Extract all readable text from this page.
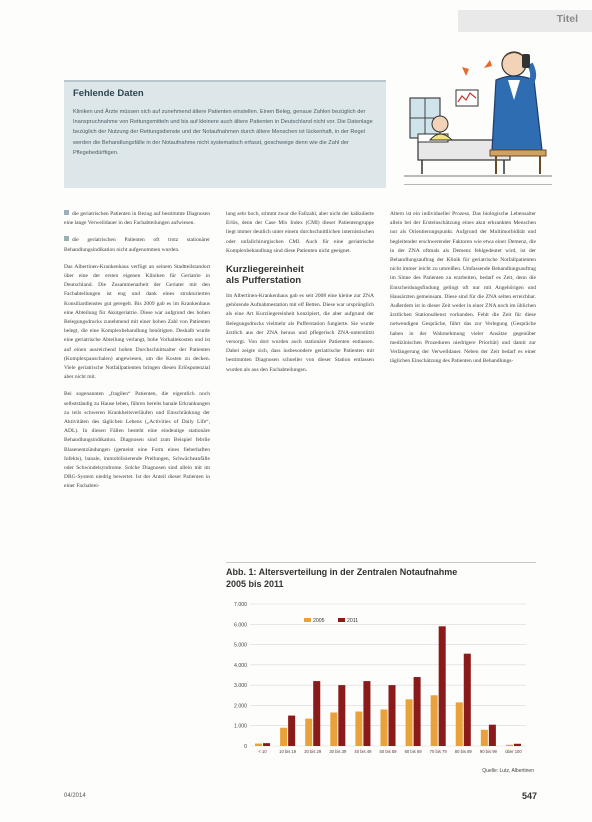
Titel

Fehlende Daten

Kliniken und Ärzte müssen sich auf zunehmend ältere Patienten einstellen. Einen Beleg, genaue Zahlen bezüglich der Inanspruchnahme von Rettungsmitteln und bis auf kleinere auch ältere Patienten in Deutschland nicht vor. Die Datenlage bezüglich der Nutzung der Rettungsdienste und der Notaufnahmen durch ältere Menschen ist lückenhaft, in der Regel werden die Behandlungsfälle in der Notaufnahme nicht systematisch erfasst, geschweige denn wie die Zahl der Pflegebedürftigen.

die geriatrischen Patienten in Bezug auf bestimmte Diagnosen eine lange Verweildauer in den Fachabteilungen aufwiesen.

die geriatrischen Patienten oft trotz stationärer Behandlungsindikation nicht aufgenommen wurden.

Das Albertinen-Krankenhaus verfügt an seinem Stadtteilstandort über eine der ersten eigenen Kliniken für Geriatrie in Deutschland. Die Zusammenarbeit der Geriater mit den Fachabteilungen ist eng und dank eines strukturierten Konsiliardienstes gut geregelt. Bis 2009 gab es im Krankenhaus eine Abteilung für Akutgeriatrie. Diese war aufgrund des hohen Belegungsdrucks zunehmend mit einer hohen Zahl von Patienten belegt, die eine Komplexbehandlung benötigten. Deshalb wurde eine geriatrische Abteilung verlangt, hohe Vorhaltekosten und ist auf einen ausreichend hohen Durchschnittsalter der Patienten (Komplexpauschalen) angewiesen, um die Kosten zu decken. Viele geriatrische Notfallpatienten bringen diesen Erlöspotenzial aber nicht mit.

Bei sogenannten „fragilen“ Patienten, die eigentlich noch selbstständig zu Hause leben, führen bereits banale Erkrankungen zu teils schweren Krankheitsverläufen und Einschränkung der Aktivitäten des täglichen Lebens („Activities of Daily Life“, ADL). In diesen Fällen besteht eine eindeutige stationäre Behandlungsindikation. Diagnosen sind zum Beispiel febrile Blasenentzündungen (gemeint eine Form eines fieberhaften Infekts), banale, immobilisierende Prellungen, Schwächeanfälle oder Schwindelsyndrome. Solche Diagnosen sind allein mit im DRG-System niedrig bewertet. Ist der Anteil dieser Patienten in einer Fachabtei-

lung sehr hoch, stimmt zwar die Fallzahl, aber nicht der kalkulierte Erlös, denn der Case Mix Index (CMI) dieser Patientengruppe liegt immer deutlich unter einem durchschnittlichen internistischen oder unfallchirurgischen CMI. Auch für eine geriatrische Komplexbehandlung sind diese Patienten nicht geeignet.

Kurzliegereinheit
als Pufferstation

Im Albertinen-Krankenhaus gab es seit 2008 eine kleine zur ZNA gehörende Aufnahmestation mit elf Betten. Diese war ursprünglich als eine Art Kurzliegereinheit konzipiert, die aber aufgrund der Belegungsdrucks vielmehr als Pufferstation fungierte. Sie wurde ärztlich aus der ZNA heraus und pflegerisch ZNA-unterstützt versorgt. Von dort wurden auch stationäre Patienten entlassen. Dabei zeigte sich, dass insbesondere geriatrische Patienten mit bestimmten Diagnosen schneller von dieser Station entlassen wurden als aus den Fachabteilungen.

Altern ist ein individueller Prozess. Das biologische Lebensalter allein bei der Ersteinschätzung eines akut erkrankten Menschen nur als Orientierungspunkt. Aufgrund der Multimorbidität und begleitender erschwerender Faktoren wie etwa einer Demenz, die in der ZNA oftmals als Demenz fehlgedeutet wird, ist der Behandlungsauftrag der Klinik für geriatrische Notfallpatienten nicht immer leicht zu umreißen. Umfassende Behandlungsauftrag im Sinne des Patienten zu erarbeiten, bedarf es Zeit, denn die Entscheidungsfindung gelingt oft nur mit Angehörigen und Hausärzten gemeinsam. Diese sind für die ZNA selten erreichbar. Außerdem ist in dieser Zeit weder in einer ZNA noch im üblichen ärztlichen Stationsdienst vorhanden. Fehlt die Zeit für diese notwendigen Gespräche, führt das zur Verlegung (Gespräche haben in der Wahrnehmung vieler Ansätze gegenüber medizinischen Prozeduren niedrigere Priorität) und damit zur Verlängerung der Verweildauer. Neben der Zeit bedarf es einer täglichen Einschätzung des Patienten und Behandlungs-

Abb. 1: Altersverteilung in der Zentralen Notaufnahme
2005 bis 2011
7.000
6.000
5.000
4.000
3.000
2.000
1.000
0
< 10	10 bis 19 20 bis 29 30 bis 39 40 bis 49 50 bis 59 60 bis 69 70 bis 79 80 bis 89 90 bis 99 über 100
2005	2011
Quelle: Lutz, Albertinen
04/2014	547
